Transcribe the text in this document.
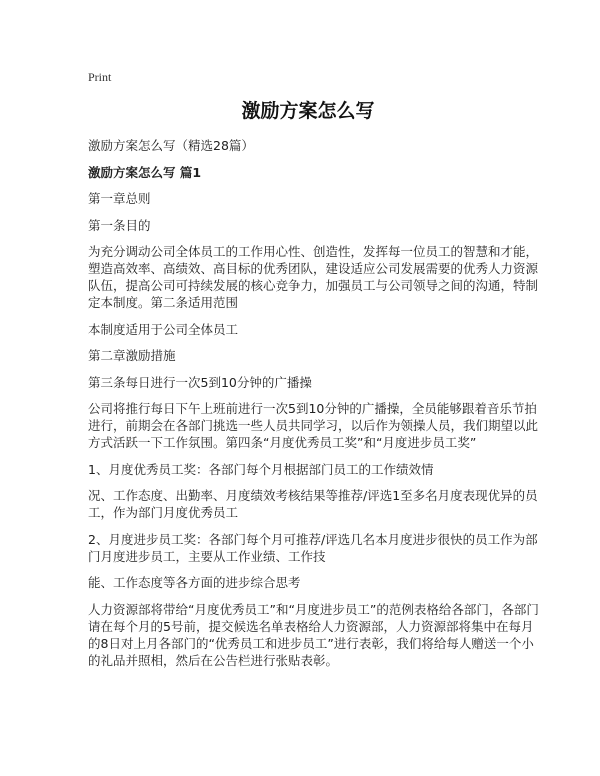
Print
激励方案怎么写

激励方案怎么写（精选28篇）

激励方案怎么写 篇1

第一章总则

第一条目的

为充分调动公司全体员工的工作用心性、创造性，发挥每一位员工的智慧和才能，
塑造高效率、高绩效、高目标的优秀团队，建设适应公司发展需要的优秀人力资源
队伍，提高公司可持续发展的核心竞争力，加强员工与公司领导之间的沟通，特制
定本制度。第二条适用范围

本制度适用于公司全体员工

第二章激励措施

第三条每日进行一次5到10分钟的广播操

公司将推行每日下午上班前进行一次5到10分钟的广播操，全员能够跟着音乐节拍
进行，前期会在各部门挑选一些人员共同学习，以后作为领操人员，我们期望以此
方式活跃一下工作氛围。第四条“月度优秀员工奖”和“月度进步员工奖”

1、月度优秀员工奖：各部门每个月根据部门员工的工作绩效情

况、工作态度、出勤率、月度绩效考核结果等推荐/评选1至多名月度表现优异的员
工，作为部门月度优秀员工

2、月度进步员工奖：各部门每个月可推荐/评选几名本月度进步很快的员工作为部
门月度进步员工，主要从工作业绩、工作技

能、工作态度等各方面的进步综合思考

人力资源部将带给“月度优秀员工”和“月度进步员工”的范例表格给各部门，各部门
请在每个月的5号前，提交候选名单表格给人力资源部，人力资源部将集中在每月
的8日对上月各部门的“优秀员工和进步员工”进行表彰，我们将给每人赠送一个小
的礼品并照相，然后在公告栏进行张贴表彰。
